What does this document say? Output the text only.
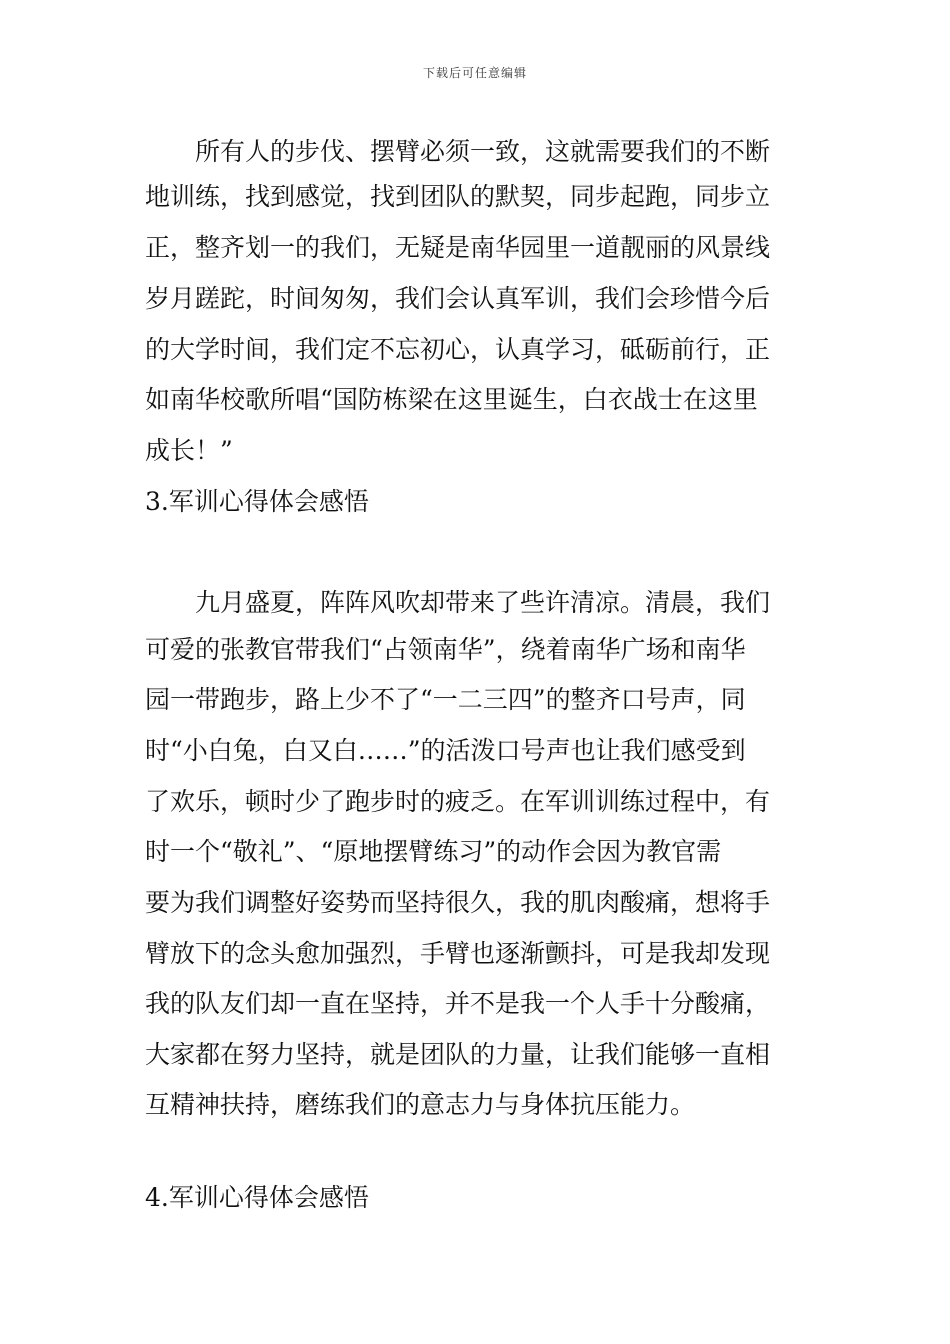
下载后可任意编辑
　　所有人的步伐、摆臂必须一致，这就需要我们的不断
地训练，找到感觉，找到团队的默契，同步起跑，同步立
正，整齐划一的我们，无疑是南华园里一道靓丽的风景线
岁月蹉跎，时间匆匆，我们会认真军训，我们会珍惜今后
的大学时间，我们定不忘初心，认真学习，砥砺前行，正
如南华校歌所唱“国防栋梁在这里诞生，白衣战士在这里
成长！”
3.军训心得体会感悟
　　九月盛夏，阵阵风吹却带来了些许清凉。清晨，我们
可爱的张教官带我们“占领南华”，绕着南华广场和南华
园一带跑步，路上少不了“一二三四”的整齐口号声，同
时“小白兔，白又白……”的活泼口号声也让我们感受到
了欢乐，顿时少了跑步时的疲乏。在军训训练过程中，有
时一个“敬礼”、“原地摆臂练习”的动作会因为教官需
要为我们调整好姿势而坚持很久，我的肌肉酸痛，想将手
臂放下的念头愈加强烈，手臂也逐渐颤抖，可是我却发现
我的队友们却一直在坚持，并不是我一个人手十分酸痛，
大家都在努力坚持，就是团队的力量，让我们能够一直相
互精神扶持，磨练我们的意志力与身体抗压能力。
4.军训心得体会感悟
